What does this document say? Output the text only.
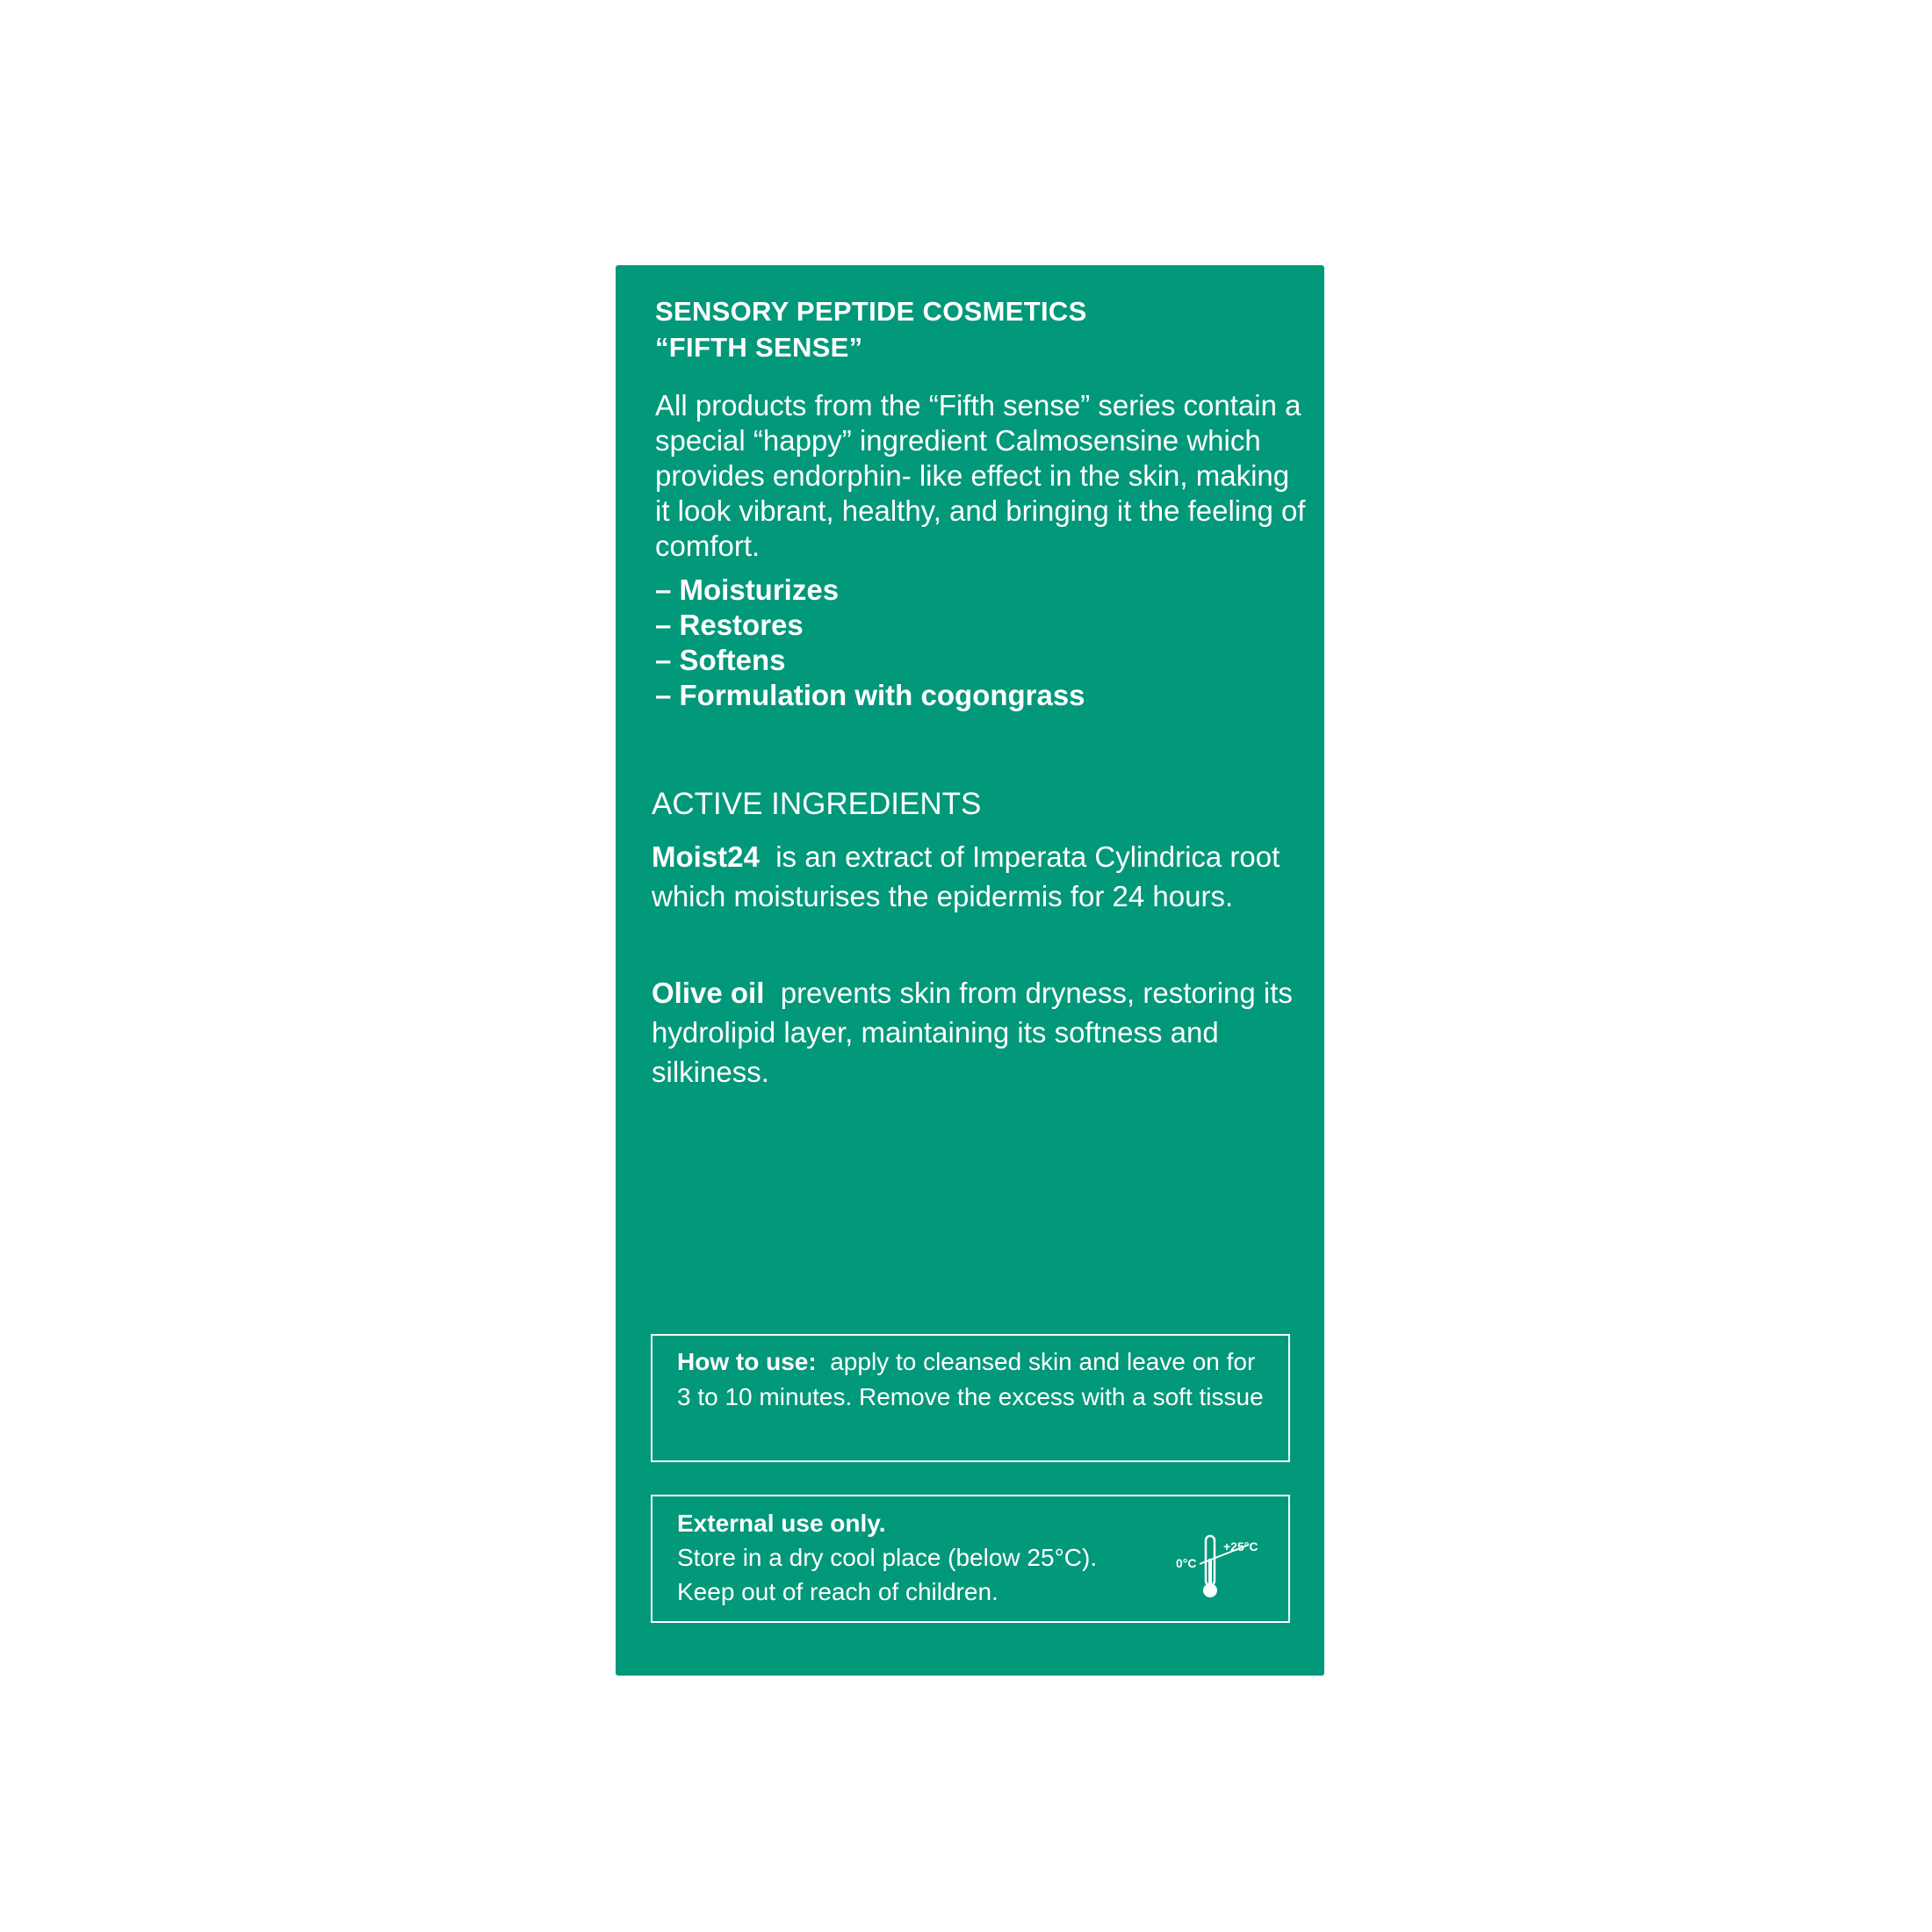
SENSORY PEPTIDE COSMETICS
“FIFTH SENSE”
All products from the “Fifth sense” series contain a special “happy” ingredient Calmosensine which provides endorphin- like effect in the skin, making it look vibrant, healthy, and bringing it the feeling of comfort.
– Moisturizes
– Restores
– Softens
– Formulation with cogongrass
ACTIVE INGREDIENTS
Moist24 is an extract of Imperata Cylindrica root which moisturises the epidermis for 24 hours.
Olive oil prevents skin from dryness, restoring its hydrolipid layer, maintaining its softness and silkiness.
How to use: apply to cleansed skin and leave on for 3 to 10 minutes. Remove the excess with a soft tissue
External use only.
Store in a dry cool place (below 25°C).
Keep out of reach of children.
0°C
+25°C
